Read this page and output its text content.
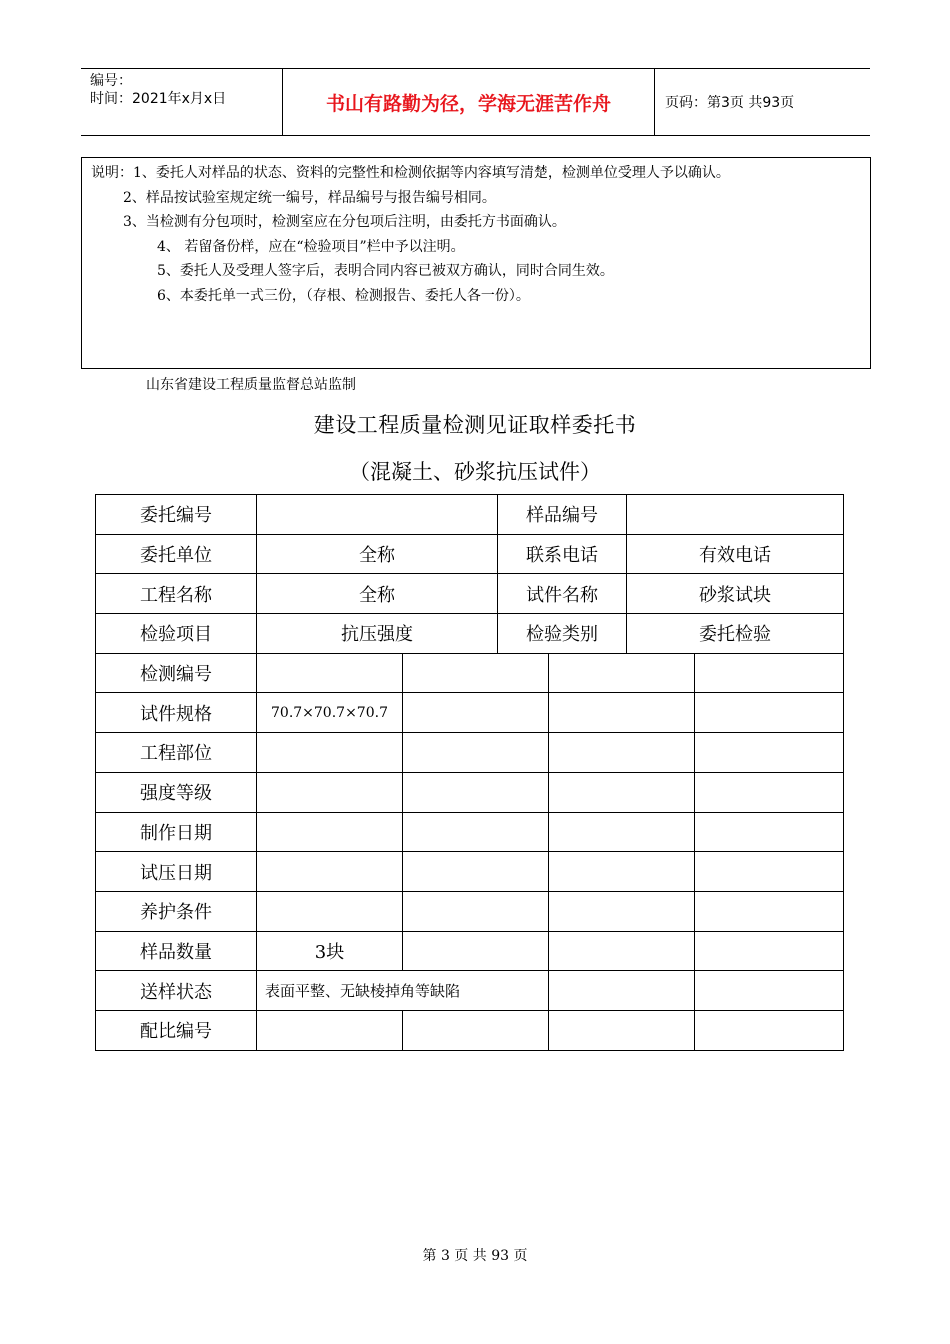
编号：
时间：2021年x月x日	书山有路勤为径，学海无涯苦作舟	页码：第3页 共93页
说明：1、委托人对样品的状态、资料的完整性和检测依据等内容填写清楚，检测单位受理人予以确认。
2、样品按试验室规定统一编号，样品编号与报告编号相同。
3、当检测有分包项时，检测室应在分包项后注明，由委托方书面确认。
4、 若留备份样，应在“检验项目”栏中予以注明。
5、委托人及受理人签字后，表明合同内容已被双方确认，同时合同生效。
6、本委托单一式三份，（存根、检测报告、委托人各一份）。
山东省建设工程质量监督总站监制
建设工程质量检测见证取样委托书
（混凝土、砂浆抗压试件）
委托编号			样品编号			
委托单位	全称		联系电话		有效电话	
工程名称	全称		试件名称		砂浆试块	
检验项目	抗压强度		检验类别		委托检验	
检测编号						
试件规格	70.7×70.7×70.7					
工程部位						
强度等级						
制作日期						
试压日期						
养护条件						
样品数量	3块					
送样状态	表面平整、无缺棱掉角等缺陷					
配比编号						
第 3 页 共 93 页
